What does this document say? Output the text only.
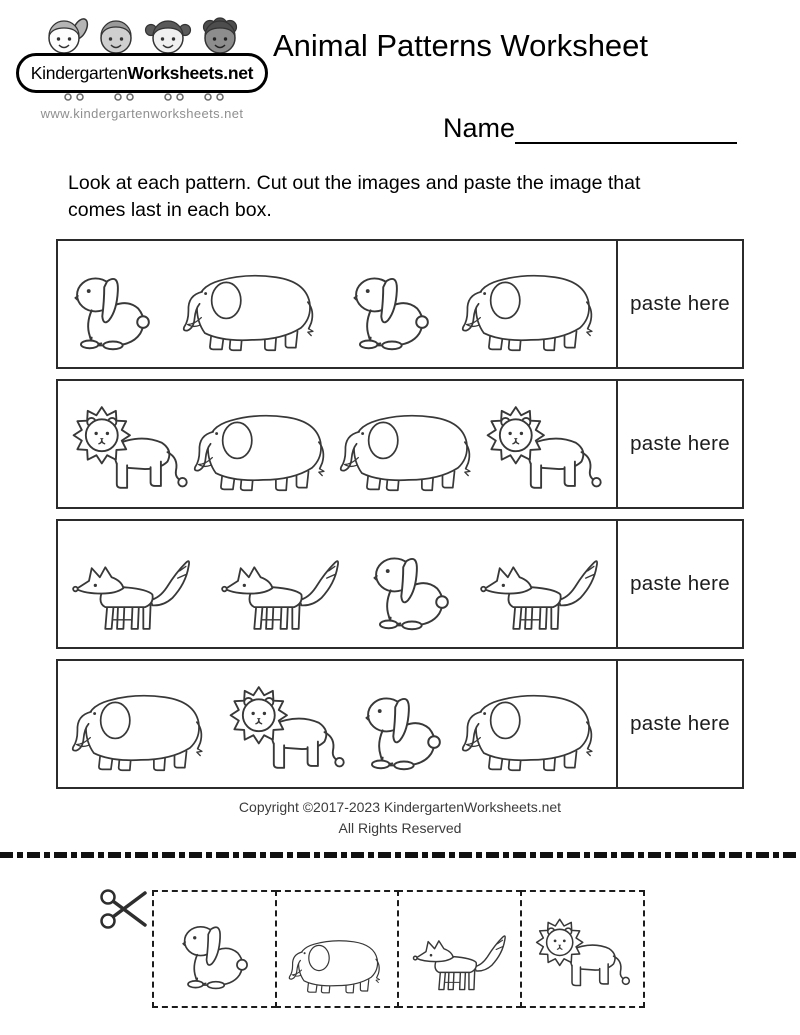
Kindergarten Worksheets.net
www.kindergartenworksheets.net
Animal Patterns Worksheet
Name
Look at each pattern. Cut out the images and paste the image that
comes last in each box.
paste here
paste here
paste here
paste here
Copyright ©2017-2023 KindergartenWorksheets.net
All Rights Reserved
